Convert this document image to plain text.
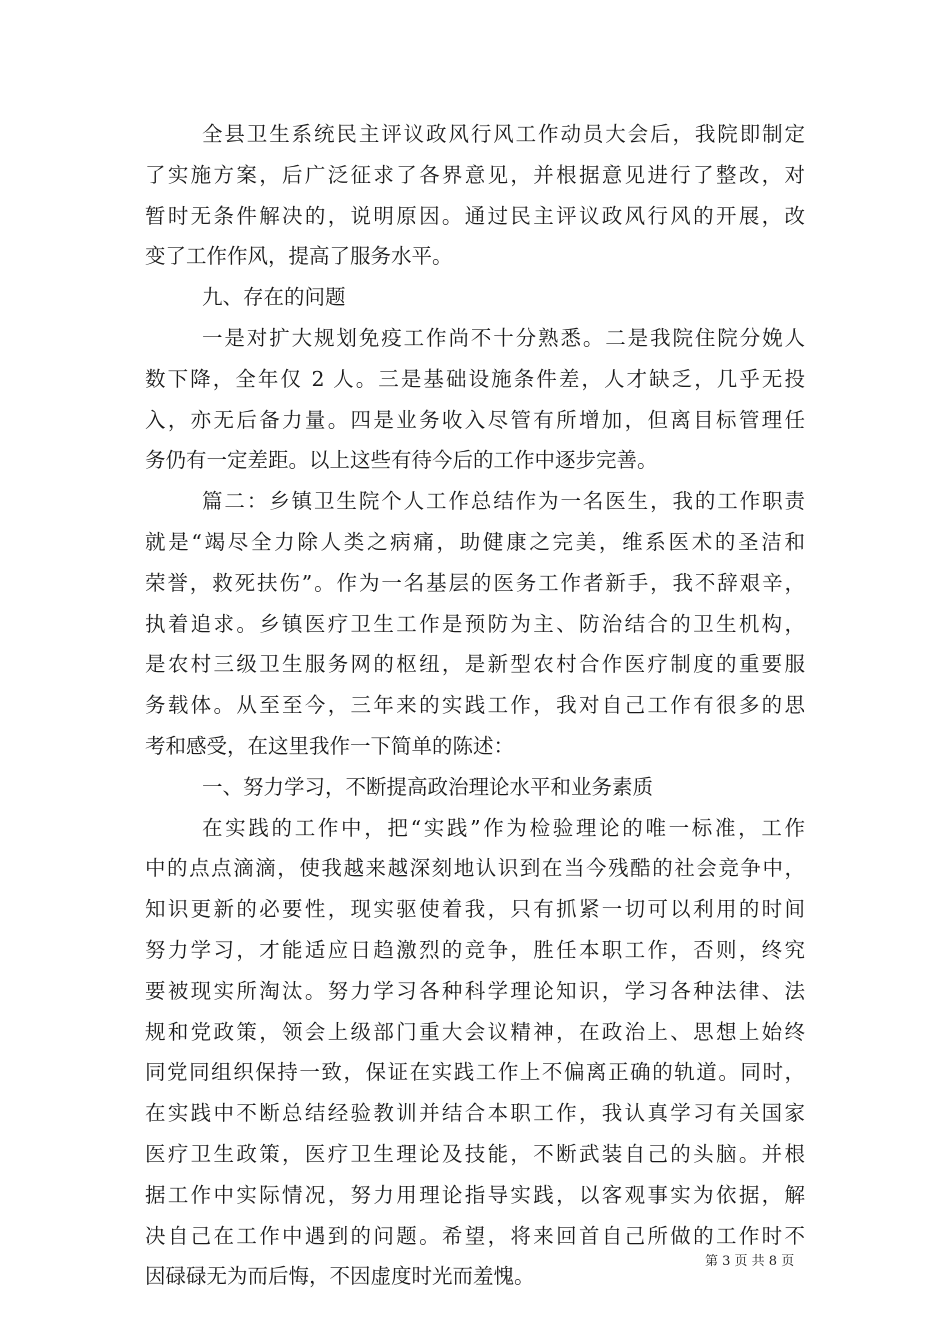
全县卫生系统民主评议政风行风工作动员大会后，我院即制定
了实施方案，后广泛征求了各界意见，并根据意见进行了整改，对
暂时无条件解决的，说明原因。通过民主评议政风行风的开展，改
变了工作作风，提高了服务水平。
九、存在的问题
一是对扩大规划免疫工作尚不十分熟悉。二是我院住院分娩人
数下降，全年仅 2 人。三是基础设施条件差，人才缺乏，几乎无投
入，亦无后备力量。四是业务收入尽管有所增加，但离目标管理任
务仍有一定差距。以上这些有待今后的工作中逐步完善。
篇二：乡镇卫生院个人工作总结作为一名医生，我的工作职责
就是“竭尽全力除人类之病痛，助健康之完美，维系医术的圣洁和
荣誉，救死扶伤”。作为一名基层的医务工作者新手，我不辞艰辛，
执着追求。乡镇医疗卫生工作是预防为主、防治结合的卫生机构，
是农村三级卫生服务网的枢纽，是新型农村合作医疗制度的重要服
务载体。从至至今，三年来的实践工作，我对自己工作有很多的思
考和感受，在这里我作一下简单的陈述：
一、努力学习，不断提高政治理论水平和业务素质
在实践的工作中，把“实践”作为检验理论的唯一标准，工作
中的点点滴滴，使我越来越深刻地认识到在当今残酷的社会竞争中，
知识更新的必要性，现实驱使着我，只有抓紧一切可以利用的时间
努力学习，才能适应日趋激烈的竞争，胜任本职工作，否则，终究
要被现实所淘汰。努力学习各种科学理论知识，学习各种法律、法
规和党政策，领会上级部门重大会议精神，在政治上、思想上始终
同党同组织保持一致，保证在实践工作上不偏离正确的轨道。同时，
在实践中不断总结经验教训并结合本职工作，我认真学习有关国家
医疗卫生政策，医疗卫生理论及技能，不断武装自己的头脑。并根
据工作中实际情况，努力用理论指导实践，以客观事实为依据，解
决自己在工作中遇到的问题。希望，将来回首自己所做的工作时不
因碌碌无为而后悔，不因虚度时光而羞愧。
第 3 页 共 8 页
